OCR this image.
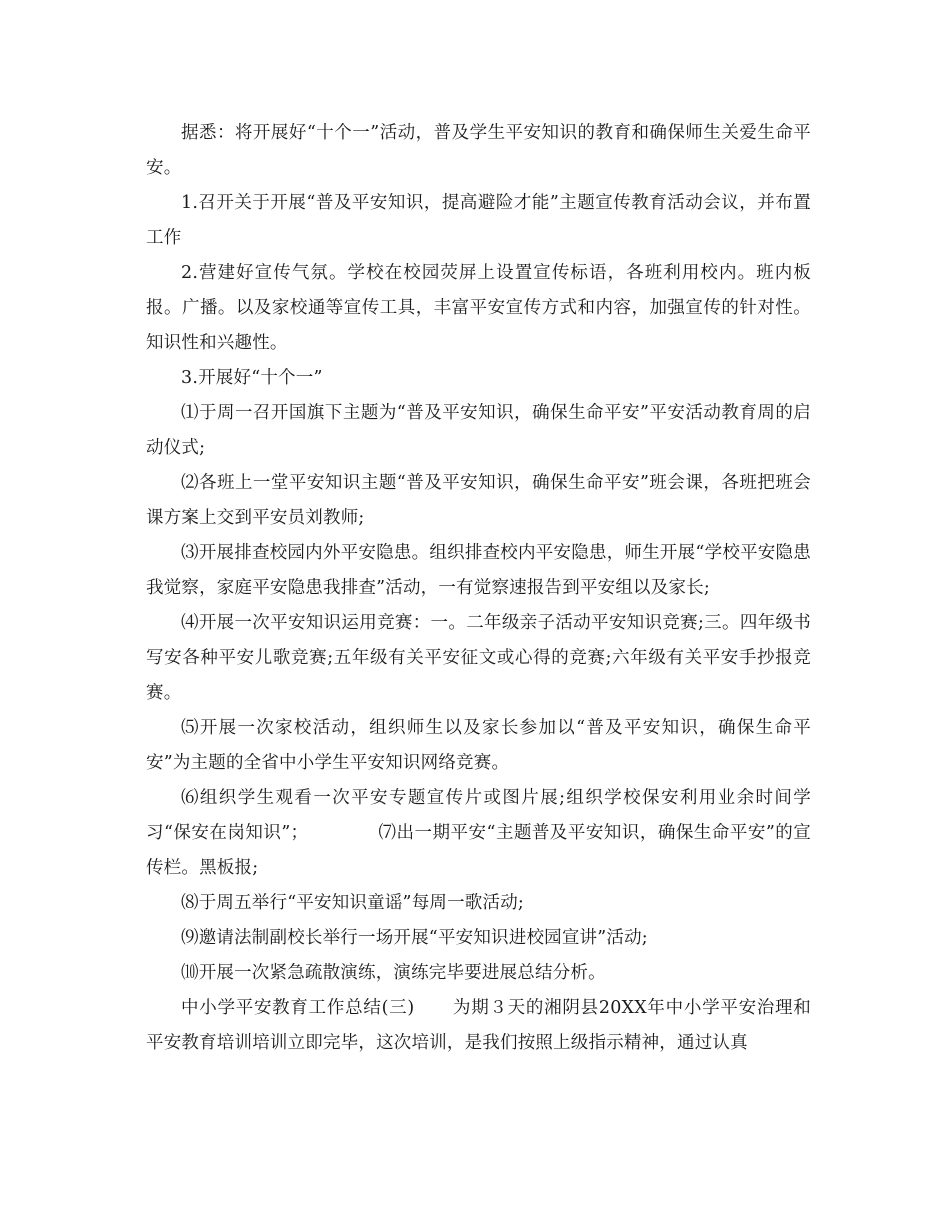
据悉：将开展好“十个一”活动，普及学生平安知识的教育和确保师生关爱生命平安。

1.召开关于开展“普及平安知识，提高避险才能”主题宣传教育活动会议，并布置工作

2.营建好宣传气氛。学校在校园荧屏上设置宣传标语，各班利用校内。班内板报。广播。以及家校通等宣传工具，丰富平安宣传方式和内容，加强宣传的针对性。知识性和兴趣性。

3.开展好“十个一”

⑴于周一召开国旗下主题为“普及平安知识，确保生命平安”平安活动教育周的启动仪式;

⑵各班上一堂平安知识主题“普及平安知识，确保生命平安”班会课，各班把班会课方案上交到平安员刘教师;

⑶开展排查校园内外平安隐患。组织排查校内平安隐患，师生开展“学校平安隐患我觉察，家庭平安隐患我排查”活动，一有觉察速报告到平安组以及家长;

⑷开展一次平安知识运用竞赛：一。二年级亲子活动平安知识竞赛;三。四年级书写安各种平安儿歌竞赛;五年级有关平安征文或心得的竞赛;六年级有关平安手抄报竞赛。

⑸开展一次家校活动，组织师生以及家长参加以“普及平安知识，确保生命平安”为主题的全省中小学生平安知识网络竞赛。

⑹组织学生观看一次平安专题宣传片或图片展;组织学校保安利用业余时间学习“保安在岗知识”；	⑺出一期平安“主题普及平安知识，确保生命平安”的宣传栏。黑板报;

⑻于周五举行“平安知识童谣”每周一歌活动;

⑼邀请法制副校长举行一场开展“平安知识进校园宣讲”活动;

⑽开展一次紧急疏散演练，演练完毕要进展总结分析。

中小学平安教育工作总结(三) 为期３天的湘阴县20XX年中小学平安治理和平安教育培训培训立即完毕，这次培训，是我们按照上级指示精神，通过认真
